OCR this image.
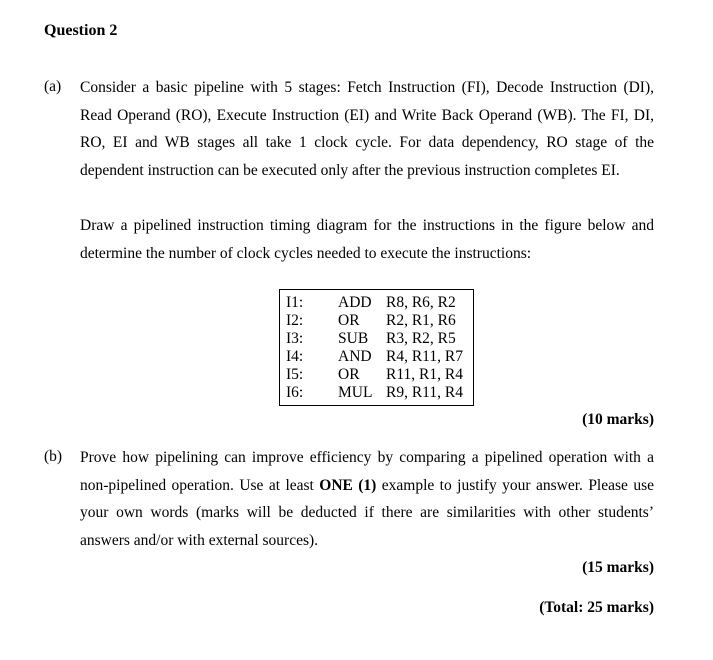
Question 2
(a) Consider a basic pipeline with 5 stages: Fetch Instruction (FI), Decode Instruction (DI), Read Operand (RO), Execute Instruction (EI) and Write Back Operand (WB). The FI, DI, RO, EI and WB stages all take 1 clock cycle. For data dependency, RO stage of the dependent instruction can be executed only after the previous instruction completes EI.
Draw a pipelined instruction timing diagram for the instructions in the figure below and determine the number of clock cycles needed to execute the instructions:
I1:	ADD	R8, R6, R2
I2:	OR	R2, R1, R6
I3:	SUB	R3, R2, R5
I4:	AND	R4, R11, R7
I5:	OR	R11, R1, R4
I6:	MUL	R9, R11, R4
(10 marks)
(b) Prove how pipelining can improve efficiency by comparing a pipelined operation with a non-pipelined operation. Use at least ONE (1) example to justify your answer. Please use your own words (marks will be deducted if there are similarities with other students’ answers and/or with external sources).
(15 marks)
(Total: 25 marks)
